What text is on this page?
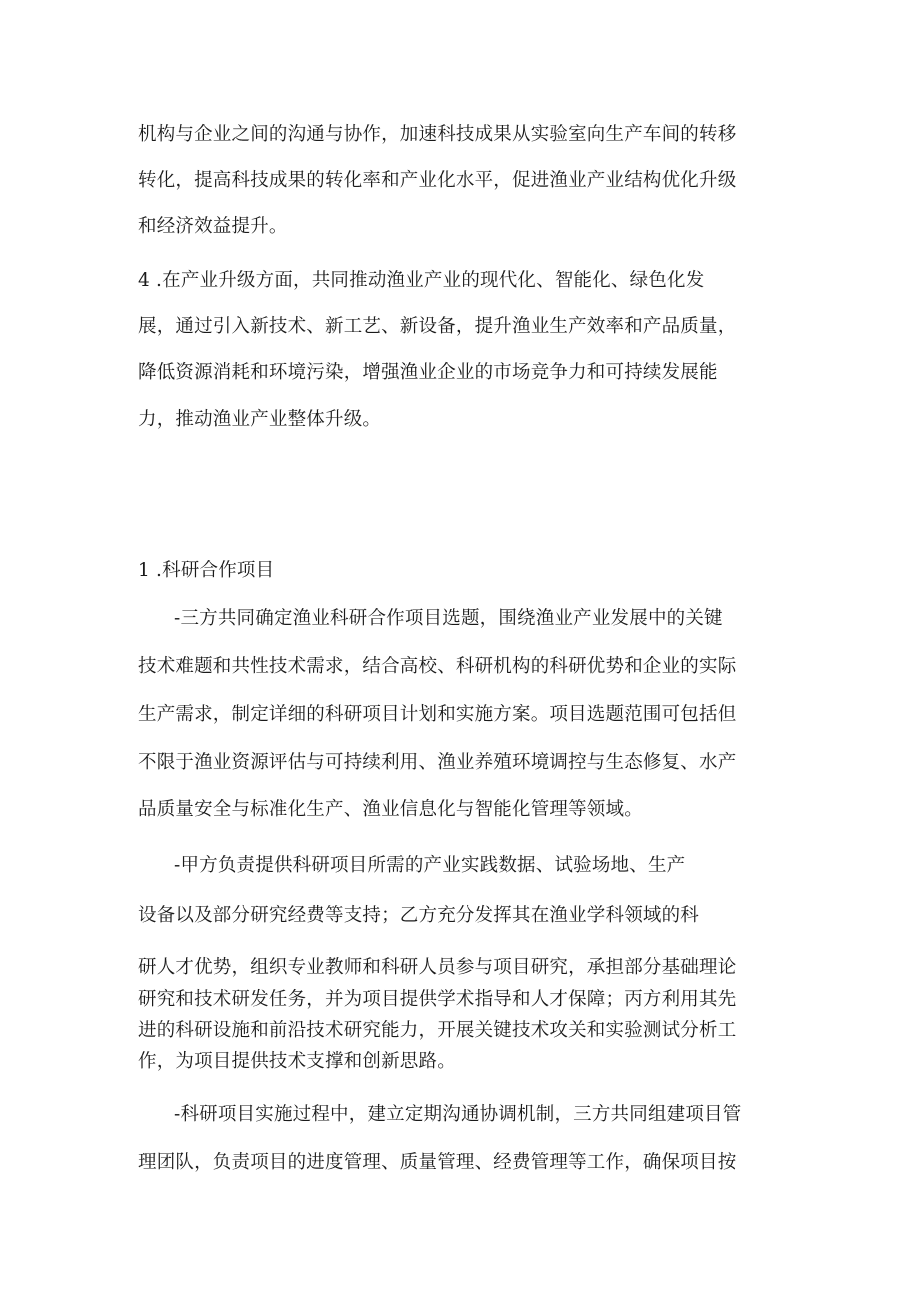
机构与企业之间的沟通与协作，加速科技成果从实验室向生产车间的转移
转化，提高科技成果的转化率和产业化水平，促进渔业产业结构优化升级
和经济效益提升。
4 .在产业升级方面，共同推动渔业产业的现代化、智能化、绿色化发
展，通过引入新技术、新工艺、新设备，提升渔业生产效率和产品质量，
降低资源消耗和环境污染，增强渔业企业的市场竞争力和可持续发展能
力，推动渔业产业整体升级。
1 .科研合作项目
-三方共同确定渔业科研合作项目选题，围绕渔业产业发展中的关键
技术难题和共性技术需求，结合高校、科研机构的科研优势和企业的实际
生产需求，制定详细的科研项目计划和实施方案。项目选题范围可包括但
不限于渔业资源评估与可持续利用、渔业养殖环境调控与生态修复、水产
品质量安全与标准化生产、渔业信息化与智能化管理等领域。
-甲方负责提供科研项目所需的产业实践数据、试验场地、生产
设备以及部分研究经费等支持；乙方充分发挥其在渔业学科领域的科
研人才优势，组织专业教师和科研人员参与项目研究，承担部分基础理论
研究和技术研发任务，并为项目提供学术指导和人才保障；丙方利用其先
进的科研设施和前沿技术研究能力，开展关键技术攻关和实验测试分析工
作，为项目提供技术支撑和创新思路。
-科研项目实施过程中，建立定期沟通协调机制，三方共同组建项目管
理团队，负责项目的进度管理、质量管理、经费管理等工作，确保项目按
